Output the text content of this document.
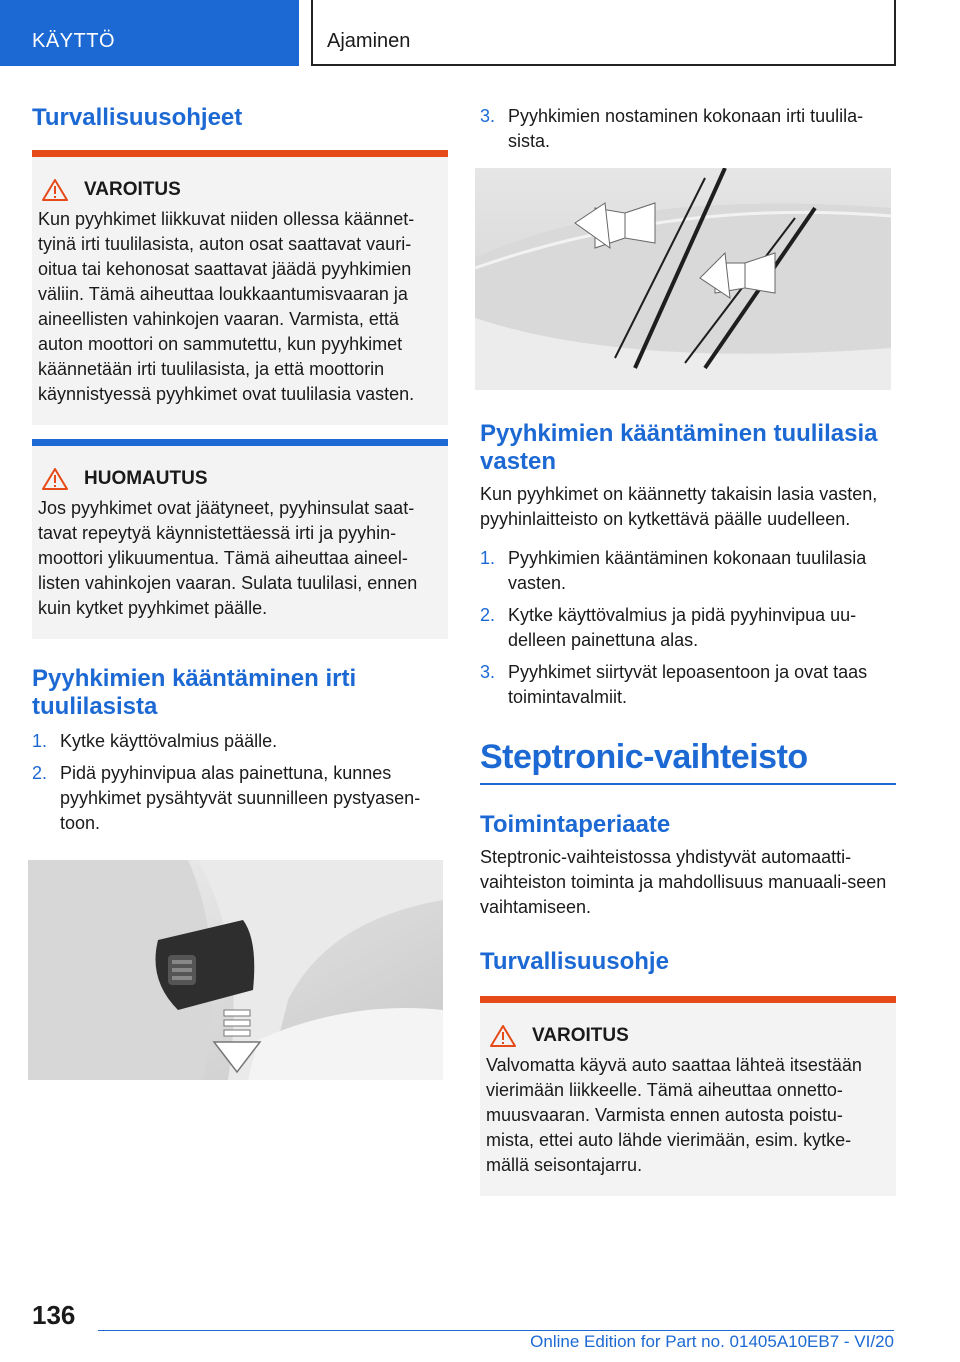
KÄYTTÖ	Ajaminen
Turvallisuusohjeet
VAROITUS
Kun pyyhkimet liikkuvat niiden ollessa käännet-tyinä irti tuulilasista, auton osat saattavat vauri-oitua tai kehonosat saattavat jäädä pyyhkimien väliin. Tämä aiheuttaa loukkaantumisvaaran ja aineellisten vahinkojen vaaran. Varmista, että auton moottori on sammutettu, kun pyyhkimet käännetään irti tuulilasista, ja että moottorin käynnistyessä pyyhkimet ovat tuulilasia vasten.
HUOMAUTUS
Jos pyyhkimet ovat jäätyneet, pyyhinsulat saat-tavat repeytyä käynnistettäessä irti ja pyyhin-moottori ylikuumentua. Tämä aiheuttaa aineel-listen vahinkojen vaaran. Sulata tuulilasi, ennen kuin kytket pyyhkimet päälle.
Pyyhkimien kääntäminen irti tuulilasista
1. Kytke käyttövalmius päälle.
2. Pidä pyyhinvipua alas painettuna, kunnes pyyhkimet pysähtyvät suunnilleen pystyasen-toon.
3. Pyyhkimien nostaminen kokonaan irti tuulila-sista.
Pyyhkimien kääntäminen tuulilasia vasten

Kun pyyhkimet on käännetty takaisin lasia vasten, pyyhinlaitteisto on kytkettävä päälle uudelleen.

1. Pyyhkimien kääntäminen kokonaan tuulilasia vasten.
2. Kytke käyttövalmius ja pidä pyyhinvipua uu-delleen painettuna alas.
3. Pyyhkimet siirtyvät lepoasentoon ja ovat taas toimintavalmiit.
Steptronic-vaihteisto
Toimintaperiaate

Steptronic-vaihteistossa yhdistyvät automaatti-vaihteiston toiminta ja mahdollisuus manuaali-seen vaihtamiseen.

Turvallisuusohje
VAROITUS
Valvomatta käyvä auto saattaa lähteä itsestään vierimään liikkeelle. Tämä aiheuttaa onnetto-muusvaaran. Varmista ennen autosta poistu-mista, ettei auto lähde vierimään, esim. kytke-mällä seisontajarru.
136
Online Edition for Part no. 01405A10EB7 - VI/20
